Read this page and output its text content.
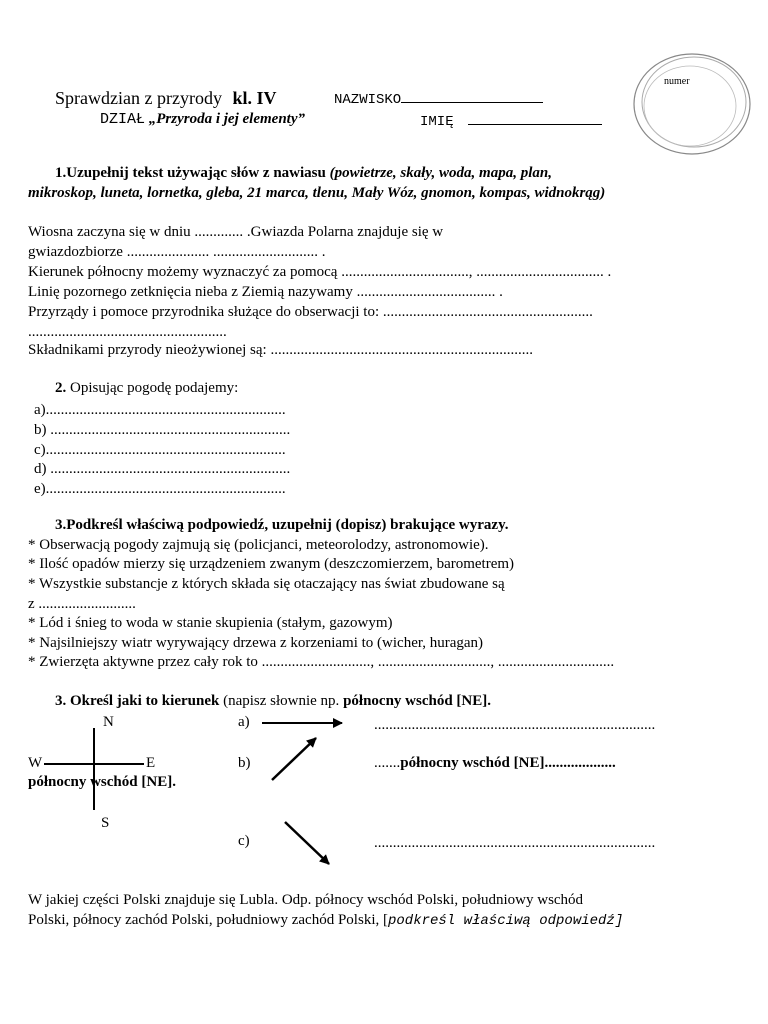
Sprawdzian z przyrody kl. IV	NAZWISKO
DZIAŁ „Przyroda i jej elementy”	IMIĘ
numer
1.Uzupełnij tekst używając słów z nawiasu (powietrze, skały, woda, mapa, plan,
mikroskop, luneta, lornetka, gleba, 21 marca, tlenu, Mały Wóz, gnomon, kompas, widnokrąg)
Wiosna zaczyna się w dniu ............. .Gwiazda Polarna znajduje się w
gwiazdozbiorze ...................... ............................ .
Kierunek północny możemy wyznaczyć za pomocą .................................., .................................. .
Linię pozornego zetknięcia nieba z Ziemią nazywamy ..................................... .
Przyrządy i pomoce przyrodnika służące do obserwacji to: ........................................................
.....................................................
Składnikami przyrody nieożywionej są: ......................................................................
2. Opisując pogodę podajemy:
a)................................................................
b) ................................................................
c)................................................................
d) ................................................................
e)................................................................
3.Podkreśl właściwą podpowiedź, uzupełnij (dopisz) brakujące wyrazy.
* Obserwacją pogody zajmują się (policjanci, meteorolodzy, astronomowie).
* Ilość opadów mierzy się urządzeniem zwanym (deszczomierzem, barometrem)
* Wszystkie substancje z których składa się otaczający nas świat zbudowane są
z ..........................
* Lód i śnieg to woda w stanie skupienia (stałym, gazowym)
* Najsilniejszy wiatr wyrywający drzewa z korzeniami to (wicher, huragan)
* Zwierzęta aktywne przez cały rok to ............................., .............................., ...............................
3. Określ jaki to kierunek (napisz słownie np. północny wschód [NE].
N
W	E
S
północny wschód [NE].
a)	...........................................................................
b)	.......północny wschód [NE]...................
c)	...........................................................................
W jakiej części Polski znajduje się Lubla. Odp. północy wschód Polski, południowy wschód
Polski, północy zachód Polski, południowy zachód Polski, [podkreśl właściwą odpowiedź]
